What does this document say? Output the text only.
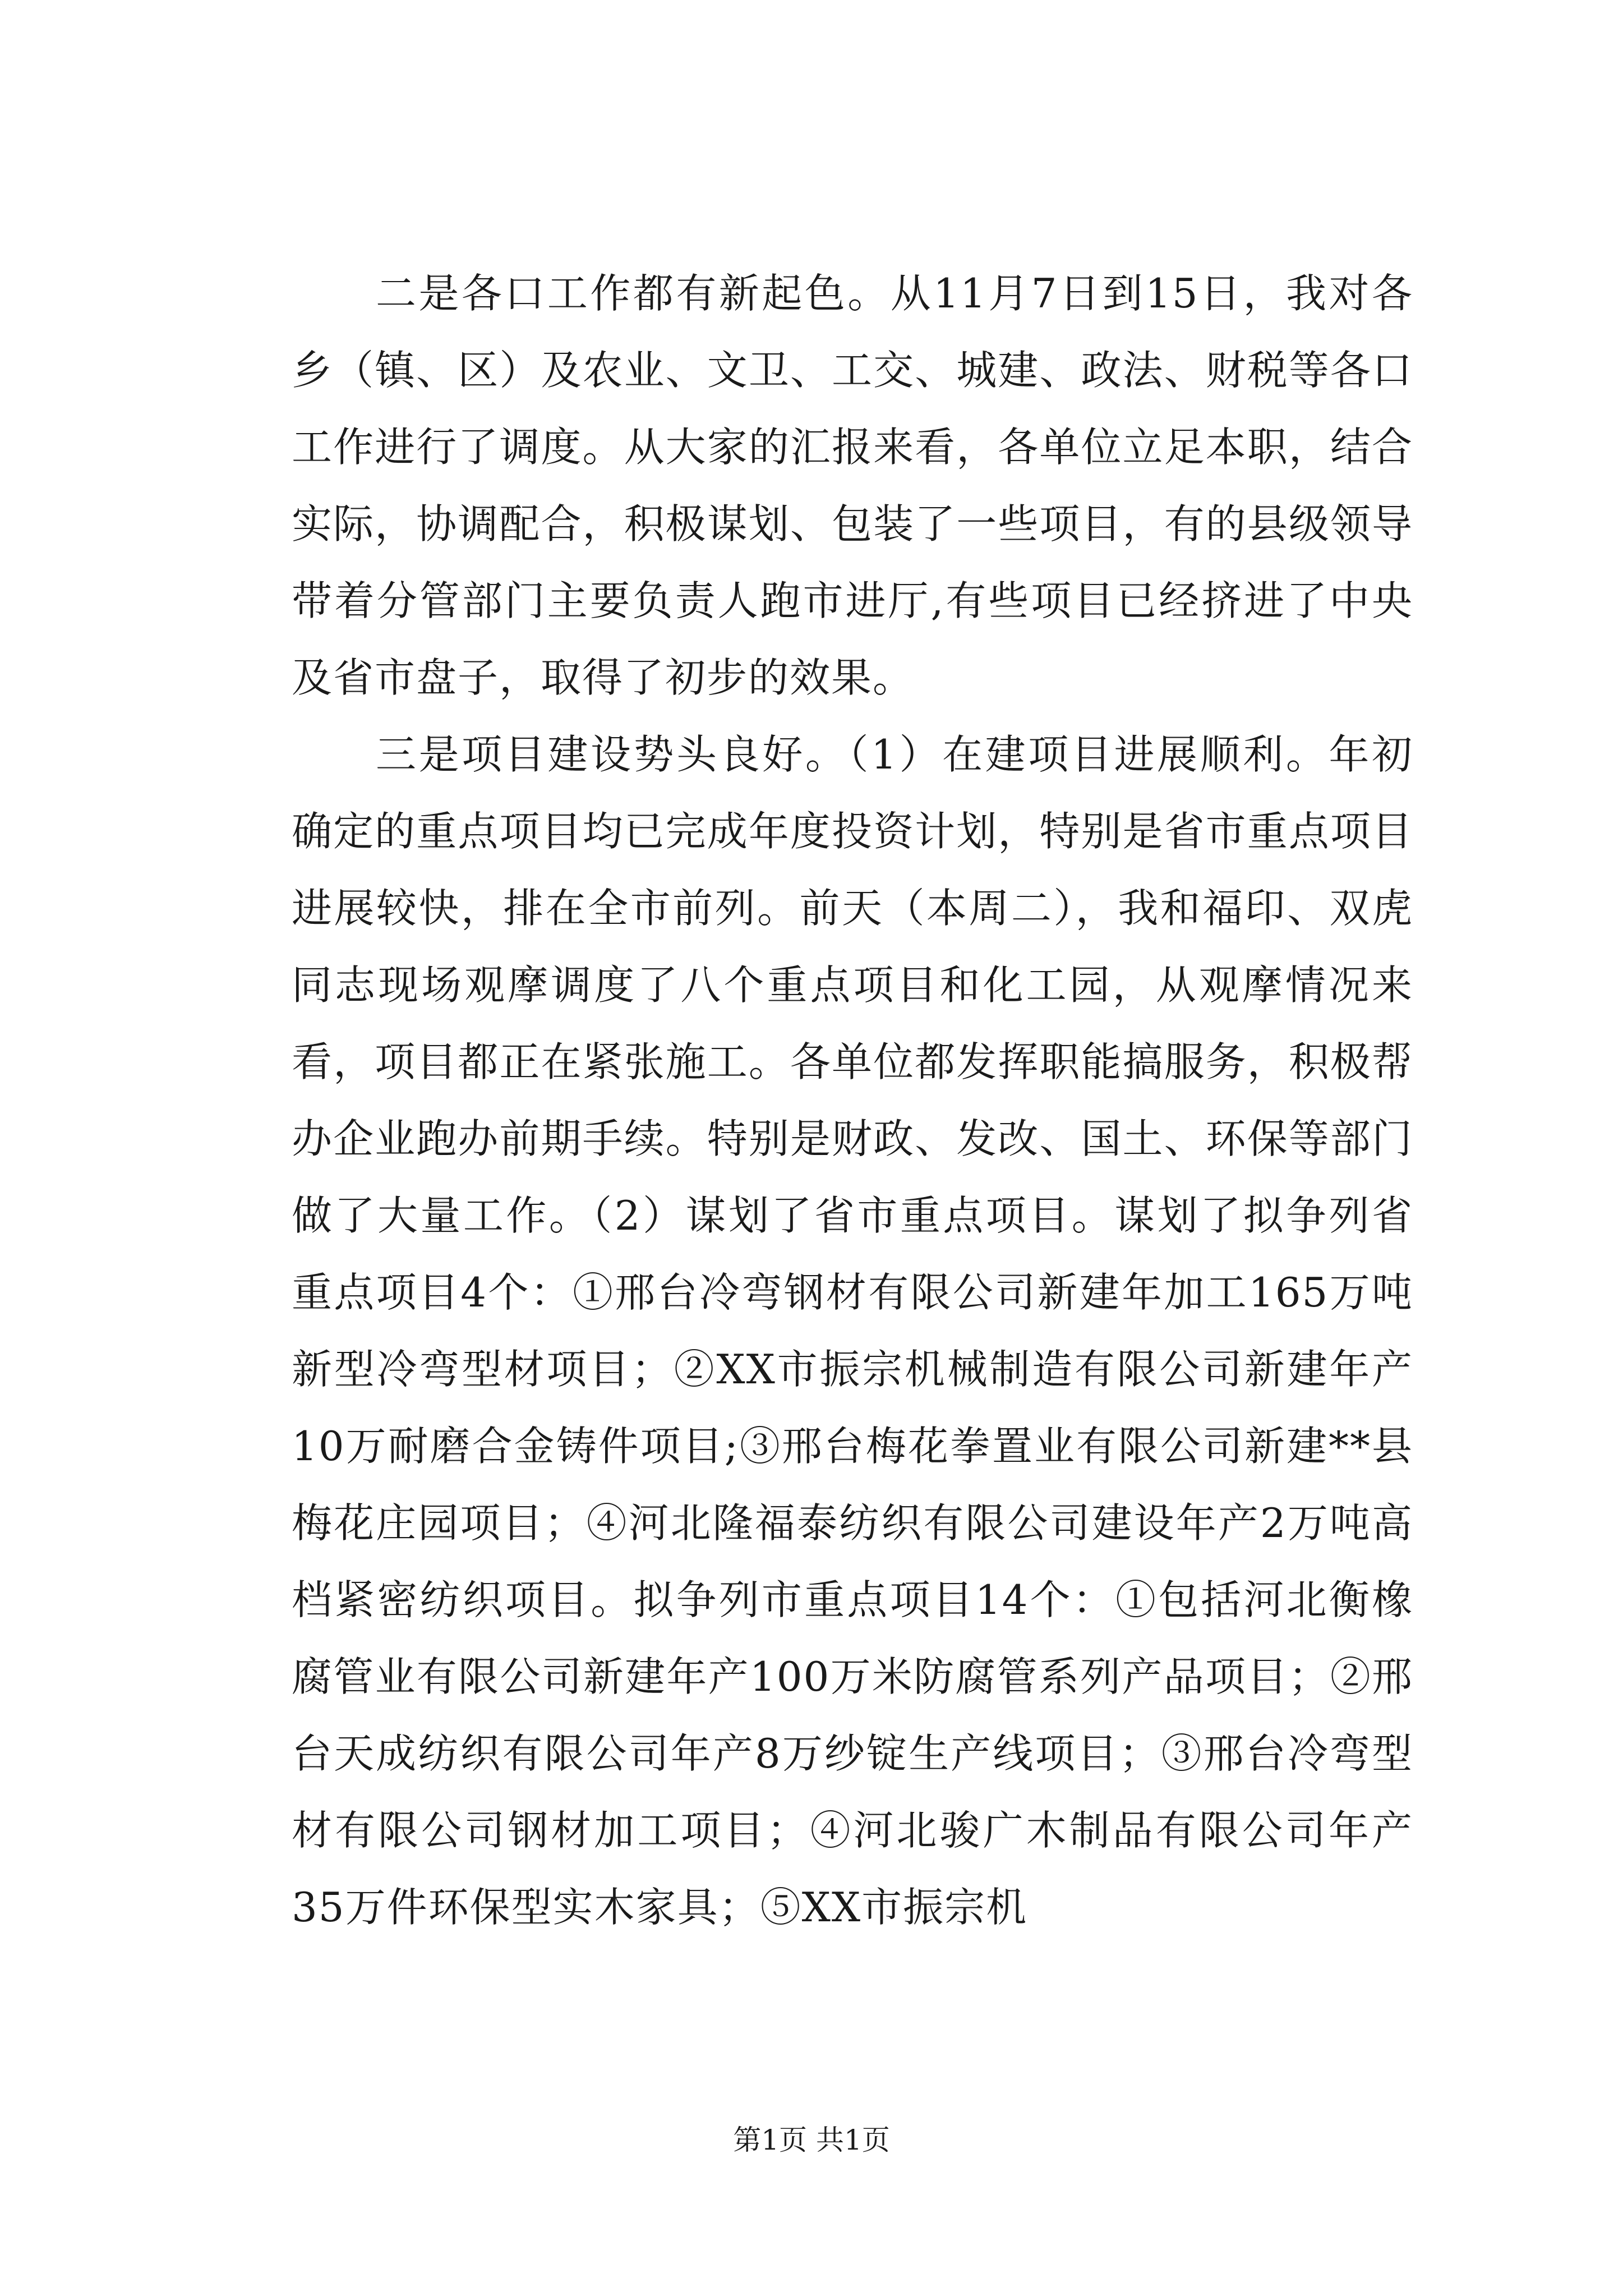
二是各口工作都有新起色。从11月7日到15日，我对各乡（镇、区）及农业、文卫、工交、城建、政法、财税等各口工作进行了调度。从大家的汇报来看，各单位立足本职，结合实际，协调配合，积极谋划、包装了一些项目，有的县级领导带着分管部门主要负责人跑市进厅,有些项目已经挤进了中央及省市盘子，取得了初步的效果。

三是项目建设势头良好。（1）在建项目进展顺利。年初确定的重点项目均已完成年度投资计划，特别是省市重点项目进展较快，排在全市前列。前天（本周二），我和福印、双虎同志现场观摩调度了八个重点项目和化工园，从观摩情况来看，项目都正在紧张施工。各单位都发挥职能搞服务，积极帮办企业跑办前期手续。特别是财政、发改、国土、环保等部门做了大量工作。（2）谋划了省市重点项目。谋划了拟争列省重点项目4个：①邢台冷弯钢材有限公司新建年加工165万吨新型冷弯型材项目；②XX市振宗机械制造有限公司新建年产10万耐磨合金铸件项目;③邢台梅花拳置业有限公司新建**县梅花庄园项目；④河北隆福泰纺织有限公司建设年产2万吨高档紧密纺织项目。拟争列市重点项目14个：①包括河北衡橡腐管业有限公司新建年产100万米防腐管系列产品项目；②邢台天成纺织有限公司年产8万纱锭生产线项目；③邢台冷弯型材有限公司钢材加工项目；④河北骏广木制品有限公司年产35万件环保型实木家具；⑤XX市振宗机

第1页 共1页
